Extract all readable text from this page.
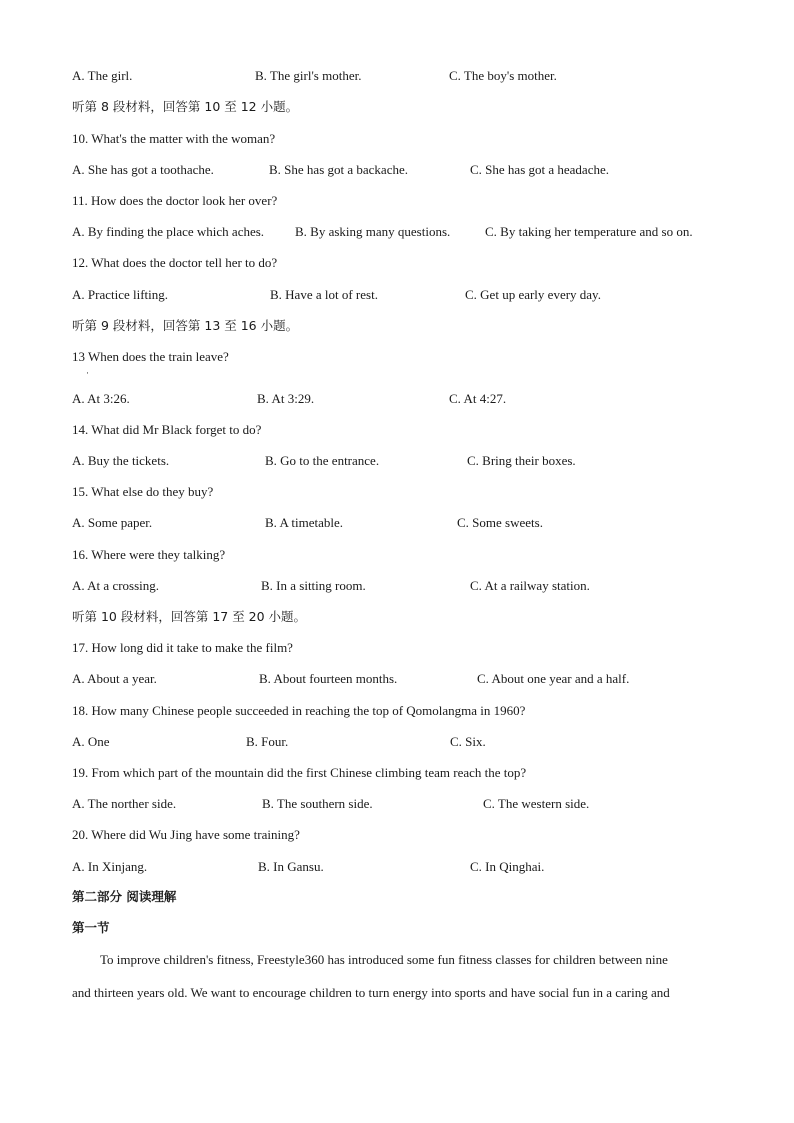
A. The girl.	B. The girl's mother.	C. The boy's mother.
听第 8 段材料，回答第 10 至 12 小题。
10. What's the matter with the woman?
A. She has got a toothache.	B. She has got a backache.	C. She has got a headache.
11. How does the doctor look her over?
A. By finding the place which aches. B. By asking many questions.	C. By taking her temperature and so on.
12. What does the doctor tell her to do?
A. Practice lifting.	B. Have a lot of rest.	C. Get up early every day.
听第 9 段材料，回答第 13 至 16 小题。
13 When does the train leave?
·
A. At 3:26.	B. At 3:29.	C. At 4:27.
14. What did Mr Black forget to do?
A. Buy the tickets.	B. Go to the entrance.	C. Bring their boxes.
15. What else do they buy?
A. Some paper.	B. A timetable.	C. Some sweets.
16. Where were they talking?
A. At a crossing.	B. In a sitting room.	C. At a railway station.
听第 10 段材料，回答第 17 至 20 小题。
17. How long did it take to make the film?
A. About a year.	B. About fourteen months.	C. About one year and a half.
18. How many Chinese people succeeded in reaching the top of Qomolangma in 1960?
A. One	B. Four.	C. Six.
19. From which part of the mountain did the first Chinese climbing team reach the top?
A. The norther side.	B. The southern side.	C. The western side.
20. Where did Wu Jing have some training?
A. In Xinjang.	B. In Gansu.	C. In Qinghai.
第二部分 阅读理解
第一节
To improve children's fitness, Freestyle360 has introduced some fun fitness classes for children between nine
and thirteen years old. We want to encourage children to turn energy into sports and have social fun in a caring and
